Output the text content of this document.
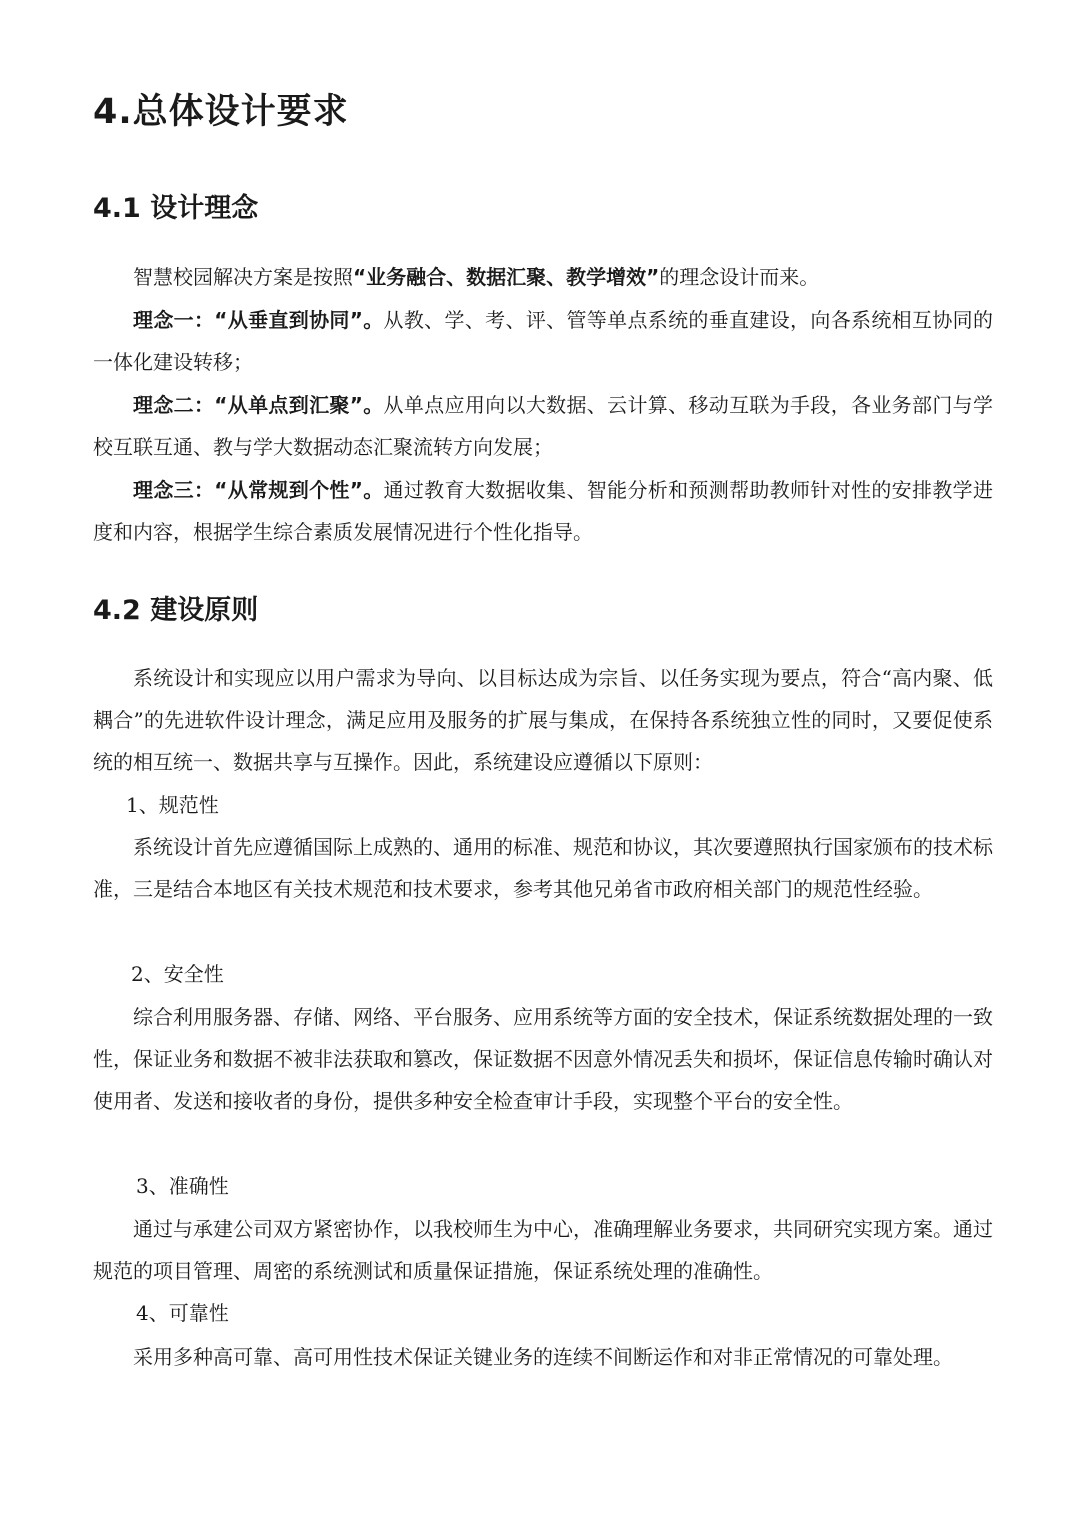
4.总体设计要求
4.1 设计理念
智慧校园解决方案是按照“业务融合、数据汇聚、教学增效”的理念设计而来。
理念一：“从垂直到协同”。从教、学、考、评、管等单点系统的垂直建设，向各系统相互协同的一体化建设转移；
理念二：“从单点到汇聚”。从单点应用向以大数据、云计算、移动互联为手段，各业务部门与学校互联互通、教与学大数据动态汇聚流转方向发展；
理念三：“从常规到个性”。通过教育大数据收集、智能分析和预测帮助教师针对性的安排教学进度和内容，根据学生综合素质发展情况进行个性化指导。
4.2 建设原则
系统设计和实现应以用户需求为导向、以目标达成为宗旨、以任务实现为要点，符合“高内聚、低耦合”的先进软件设计理念，满足应用及服务的扩展与集成，在保持各系统独立性的同时，又要促使系统的相互统一、数据共享与互操作。因此，系统建设应遵循以下原则：
1、规范性
系统设计首先应遵循国际上成熟的、通用的标准、规范和协议，其次要遵照执行国家颁布的技术标准，三是结合本地区有关技术规范和技术要求，参考其他兄弟省市政府相关部门的规范性经验。
2、安全性
综合利用服务器、存储、网络、平台服务、应用系统等方面的安全技术，保证系统数据处理的一致性，保证业务和数据不被非法获取和篡改，保证数据不因意外情况丢失和损坏，保证信息传输时确认对使用者、发送和接收者的身份，提供多种安全检查审计手段，实现整个平台的安全性。
3、准确性
通过与承建公司双方紧密协作，以我校师生为中心，准确理解业务要求，共同研究实现方案。通过规范的项目管理、周密的系统测试和质量保证措施，保证系统处理的准确性。
4、可靠性
采用多种高可靠、高可用性技术保证关键业务的连续不间断运作和对非正常情况的可靠处理。
